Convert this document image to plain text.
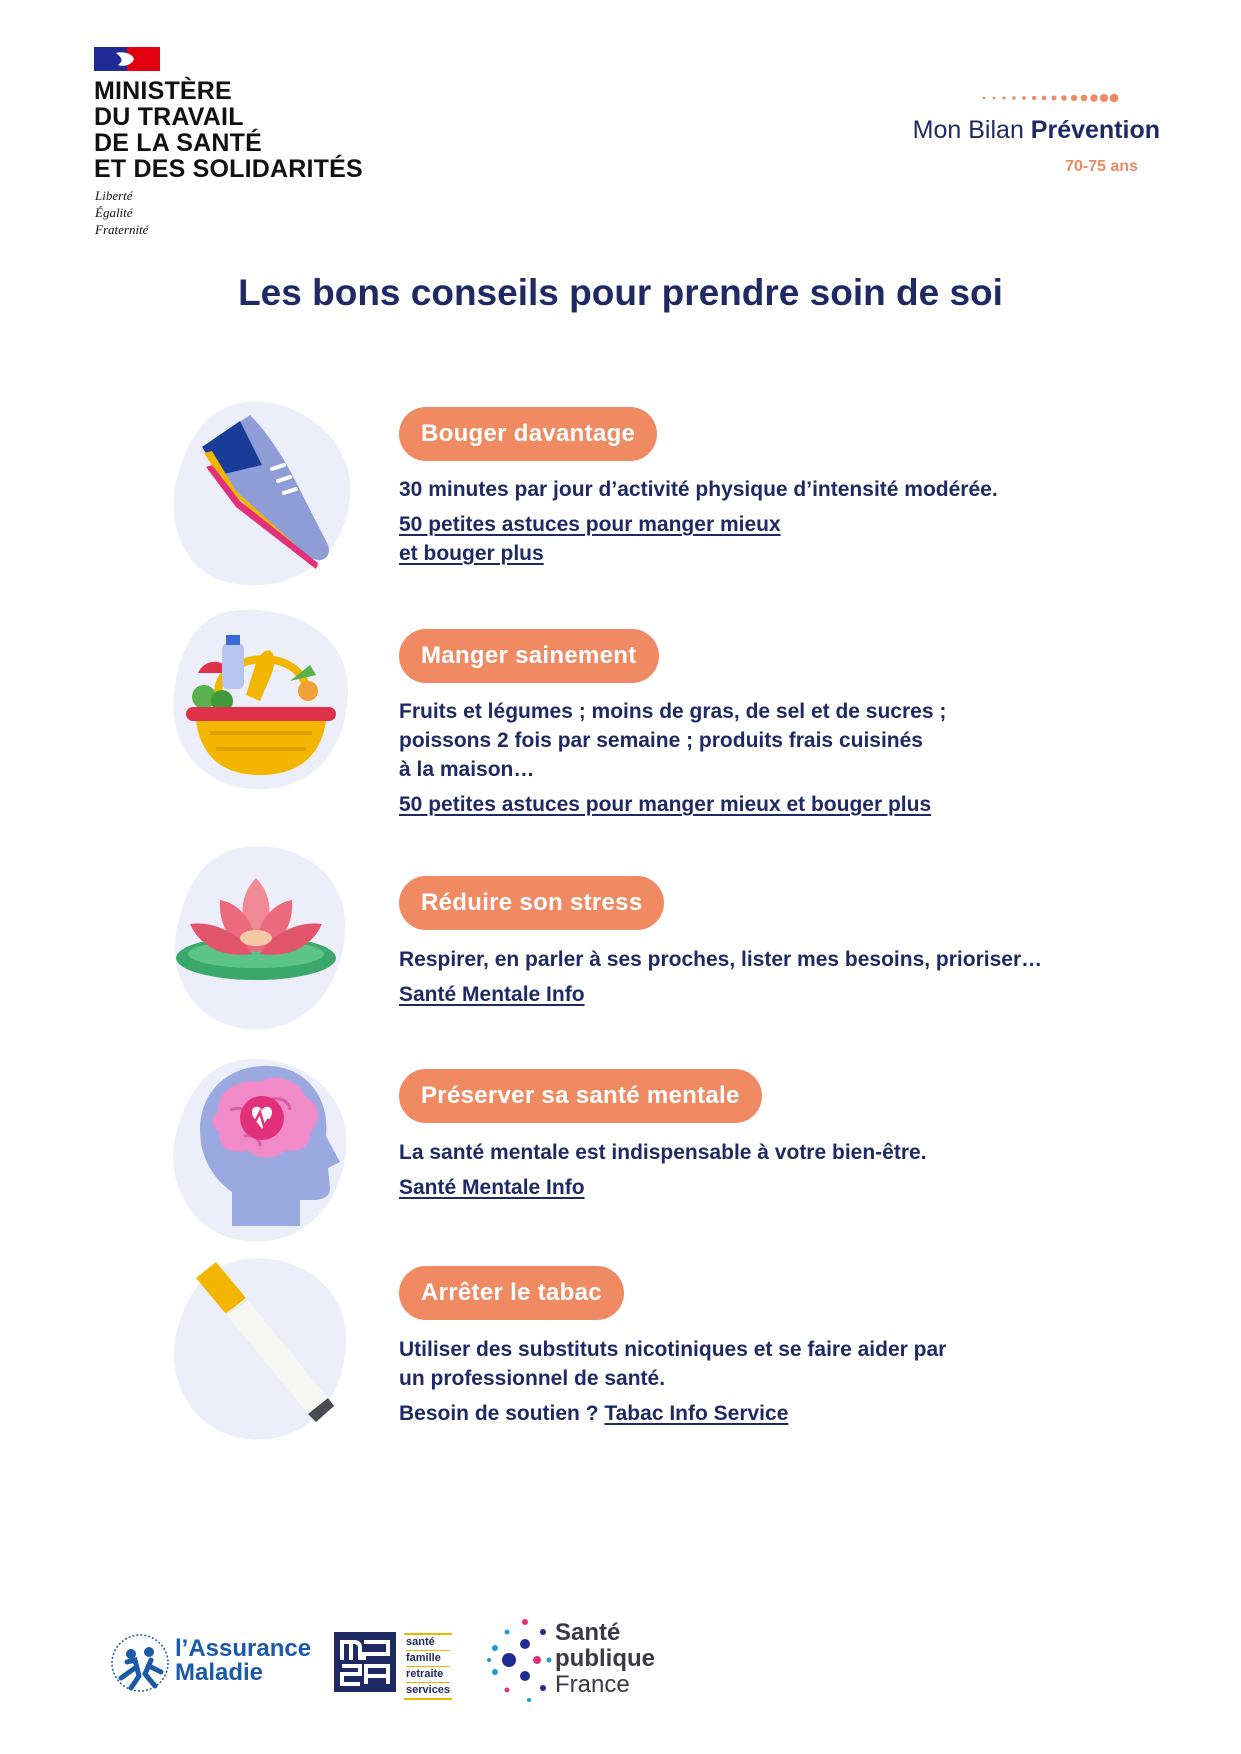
MINISTÈRE
DU TRAVAIL
DE LA SANTÉ
ET DES SOLIDARITÉS
Liberté
Égalité
Fraternité
Mon Bilan Prévention
70-75 ans
Les bons conseils pour prendre soin de soi
Bouger davantage
30 minutes par jour d’activité physique d’intensité modérée.
50 petites astuces pour manger mieux
et bouger plus
Manger sainement
Fruits et légumes ; moins de gras, de sel et de sucres ;
poissons 2 fois par semaine ; produits frais cuisinés
à la maison…
50 petites astuces pour manger mieux et bouger plus
Réduire son stress
Respirer, en parler à ses proches, lister mes besoins, prioriser…
Santé Mentale Info
Préserver sa santé mentale
La santé mentale est indispensable à votre bien-être.
Santé Mentale Info
Arrêter le tabac
Utiliser des substituts nicotiniques et se faire aider par
un professionnel de santé.
Besoin de soutien ? Tabac Info Service
l’Assurance
Maladie
santé
famille
retraite
services
Santé
publique
France
